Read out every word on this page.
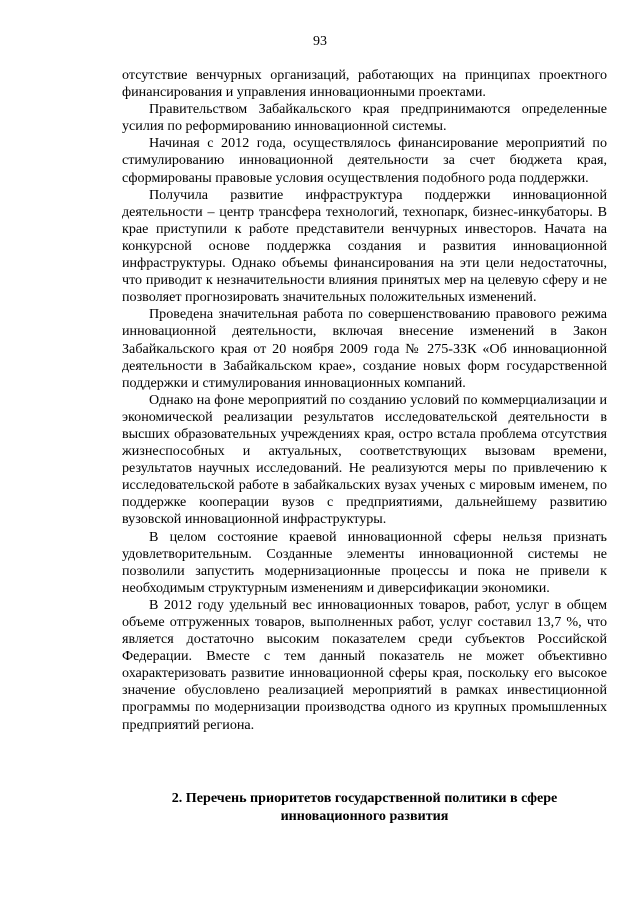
93

отсутствие венчурных организаций, работающих на принципах проектного финансирования и управления инновационными проектами.

Правительством Забайкальского края предпринимаются определенные усилия по реформированию инновационной системы.

Начиная с 2012 года, осуществлялось финансирование мероприятий по стимулированию инновационной деятельности за счет бюджета края, сформированы правовые условия осуществления подобного рода поддержки.

Получила развитие инфраструктура поддержки инновационной деятельности – центр трансфера технологий, технопарк, бизнес-инкубаторы. В крае приступили к работе представители венчурных инвесторов. Начата на конкурсной основе поддержка создания и развития инновационной инфраструктуры. Однако объемы финансирования на эти цели недостаточны, что приводит к незначительности влияния принятых мер на целевую сферу и не позволяет прогнозировать значительных положительных изменений.

Проведена значительная работа по совершенствованию правового режима инновационной деятельности, включая внесение изменений в Закон Забайкальского края от 20 ноября 2009 года № 275-ЗЗК «Об инновационной деятельности в Забайкальском крае», создание новых форм государственной поддержки и стимулирования инновационных компаний.

Однако на фоне мероприятий по созданию условий по коммерциализации и экономической реализации результатов исследовательской деятельности в высших образовательных учреждениях края, остро встала проблема отсутствия жизнеспособных и актуальных, соответствующих вызовам времени, результатов научных исследований. Не реализуются меры по привлечению к исследовательской работе в забайкальских вузах ученых с мировым именем, по поддержке кооперации вузов с предприятиями, дальнейшему развитию вузовской инновационной инфраструктуры.

В целом состояние краевой инновационной сферы нельзя признать удовлетворительным. Созданные элементы инновационной системы не позволили запустить модернизационные процессы и пока не привели к необходимым структурным изменениям и диверсификации экономики.

В 2012 году удельный вес инновационных товаров, работ, услуг в общем объеме отгруженных товаров, выполненных работ, услуг составил 13,7 %, что является достаточно высоким показателем среди субъектов Российской Федерации. Вместе с тем данный показатель не может объективно охарактеризовать развитие инновационной сферы края, поскольку его высокое значение обусловлено реализацией мероприятий в рамках инвестиционной программы по модернизации производства одного из крупных промышленных предприятий региона.

2. Перечень приоритетов государственной политики в сфере инновационного развития
